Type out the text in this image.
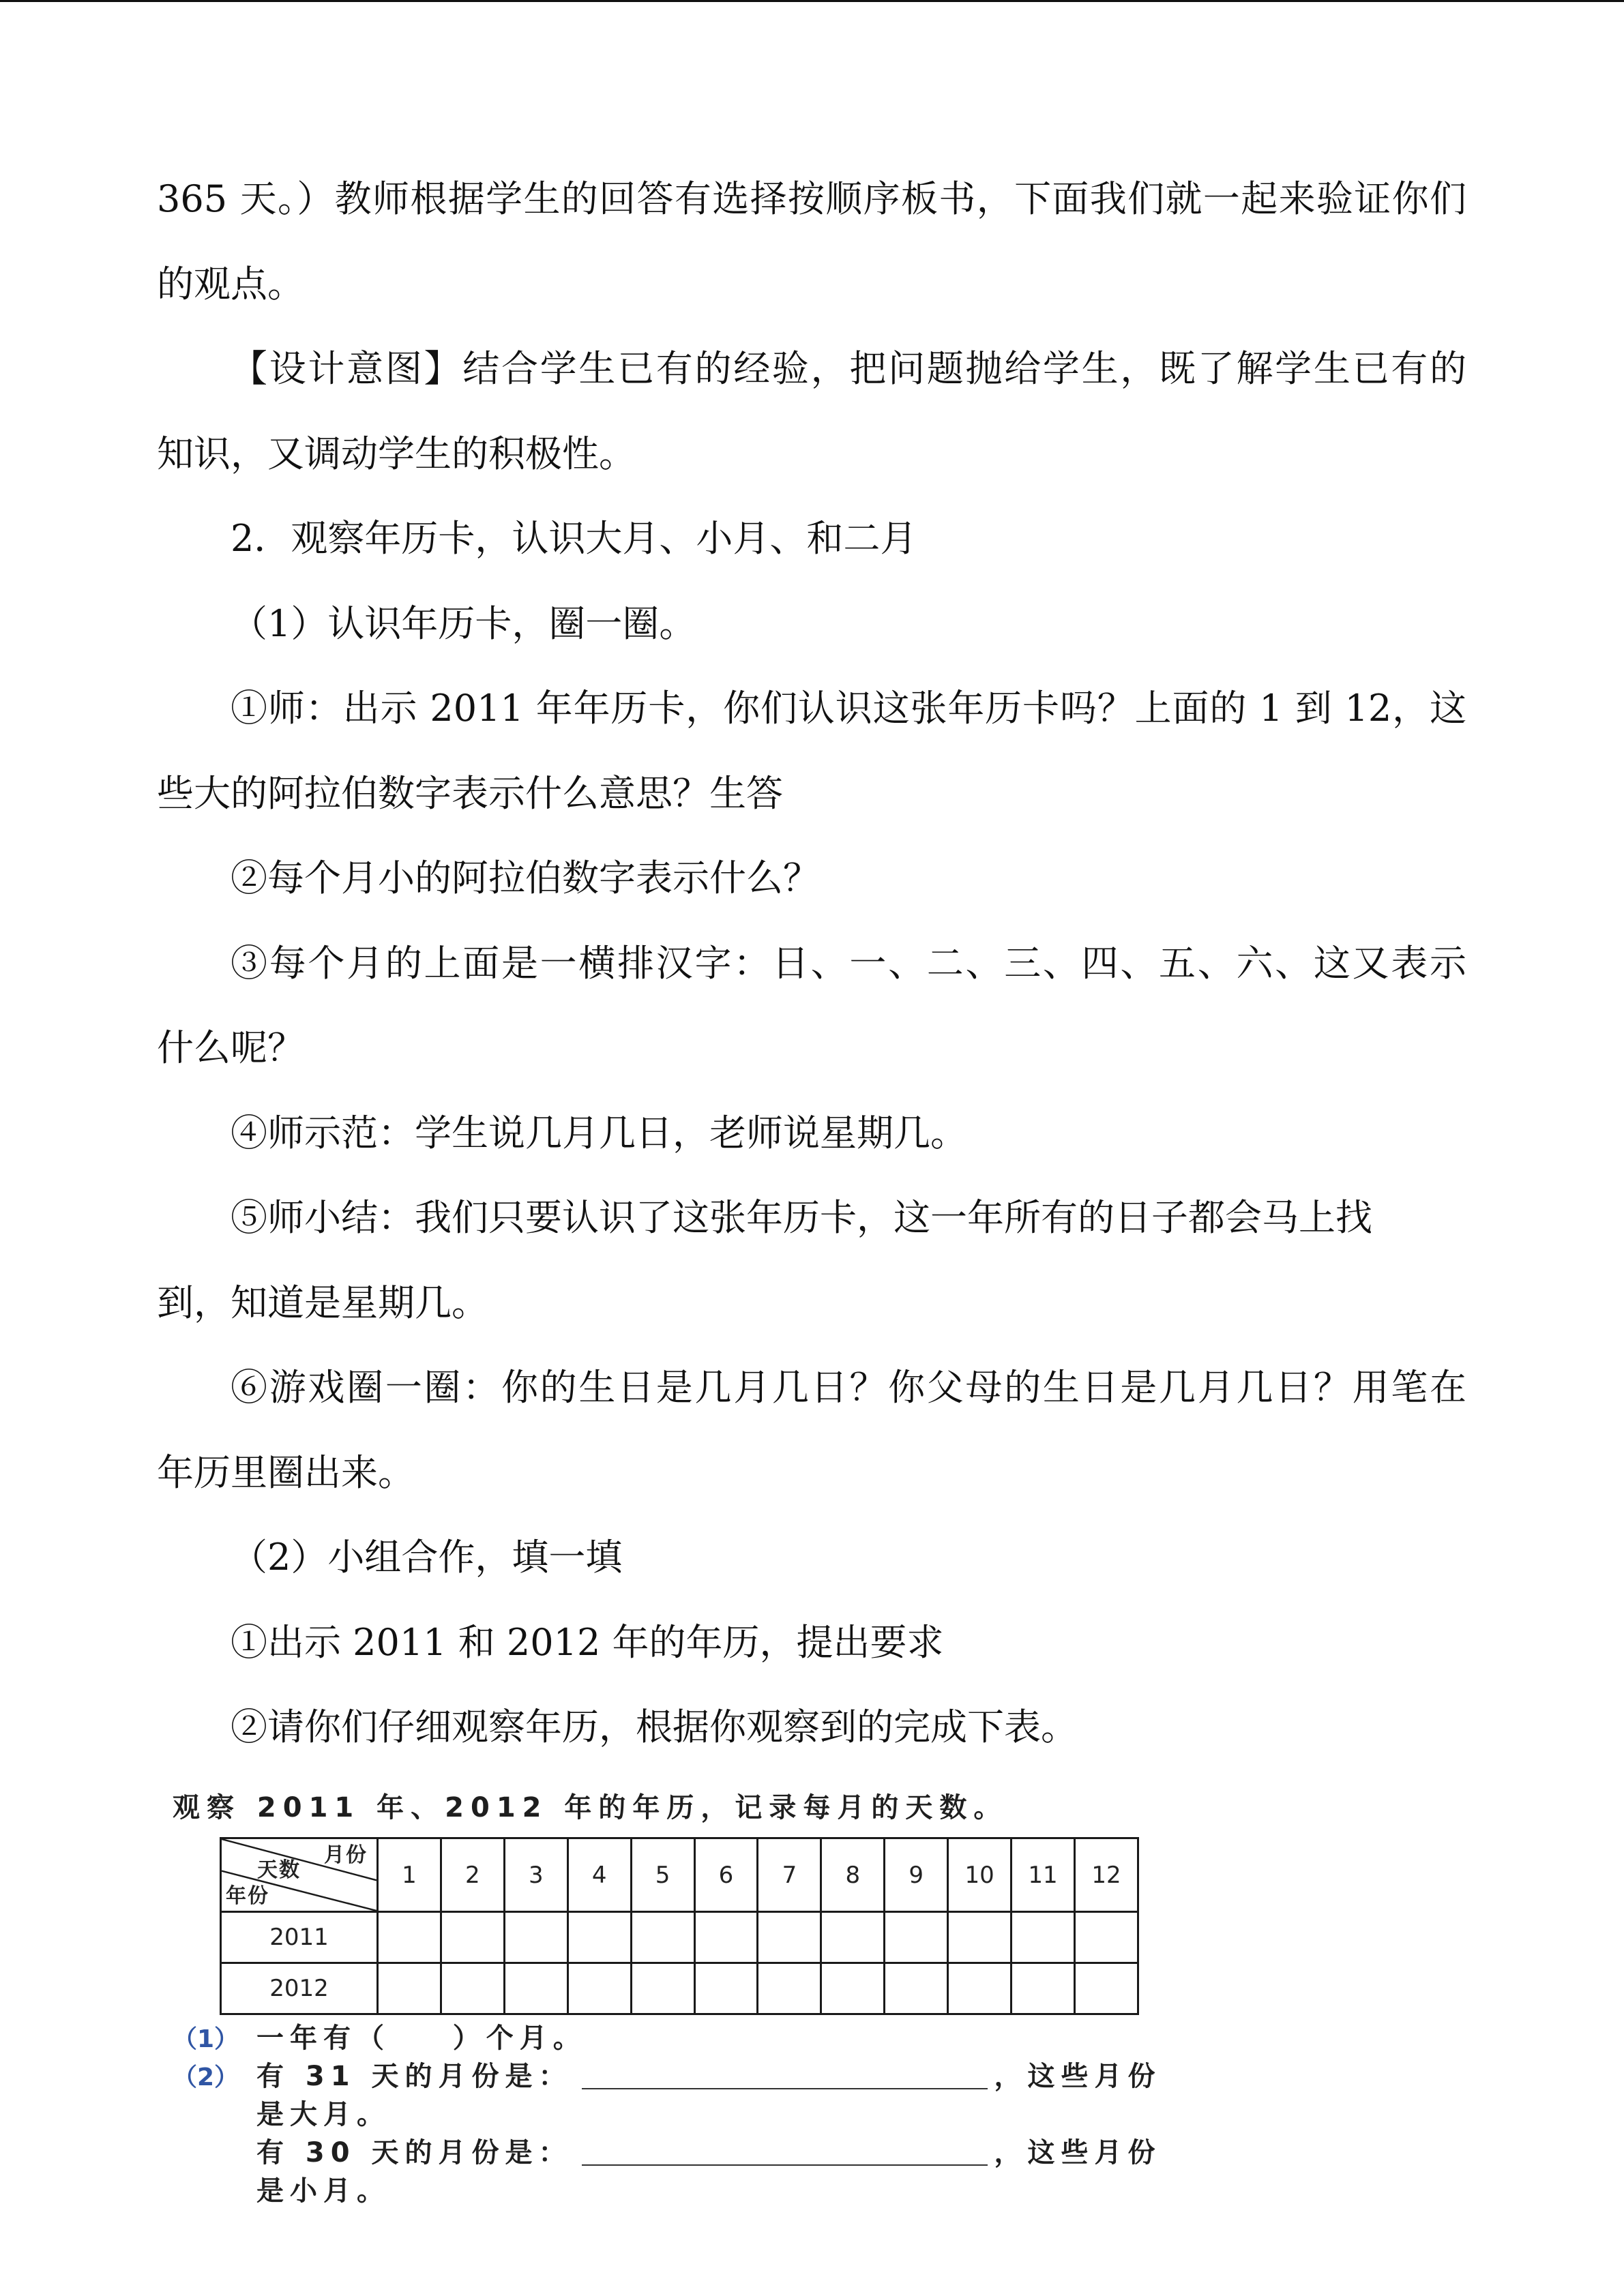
365 天。）教师根据学生的回答有选择按顺序板书，下面我们就一起来验证你们
的观点。
【设计意图】结合学生已有的经验，把问题抛给学生，既了解学生已有的
知识，又调动学生的积极性。
2．观察年历卡，认识大月、小月、和二月
（1）认识年历卡，圈一圈。
①师：出示 2011 年年历卡，你们认识这张年历卡吗？上面的 1 到 12，这
些大的阿拉伯数字表示什么意思？生答
②每个月小的阿拉伯数字表示什么？
③每个月的上面是一横排汉字：日、一、二、三、四、五、六、这又表示
什么呢？
④师示范：学生说几月几日，老师说星期几。
⑤师小结：我们只要认识了这张年历卡，这一年所有的日子都会马上找
到，知道是星期几。
⑥游戏圈一圈：你的生日是几月几日？你父母的生日是几月几日？用笔在
年历里圈出来。
（2）小组合作，填一填
①出示 2011 和 2012 年的年历，提出要求
②请你们仔细观察年历，根据你观察到的完成下表。
观察 2011 年、2012 年的年历，记录每月的天数。
月份
天数
年份	1	2	3	4	5	6	7	8	9	10	11	12
2011												
2012												
（1） 一年有（    ）个月。
（2） 有 31 天的月份是：	，这些月份
是大月。
有 30 天的月份是：	，这些月份
是小月。
